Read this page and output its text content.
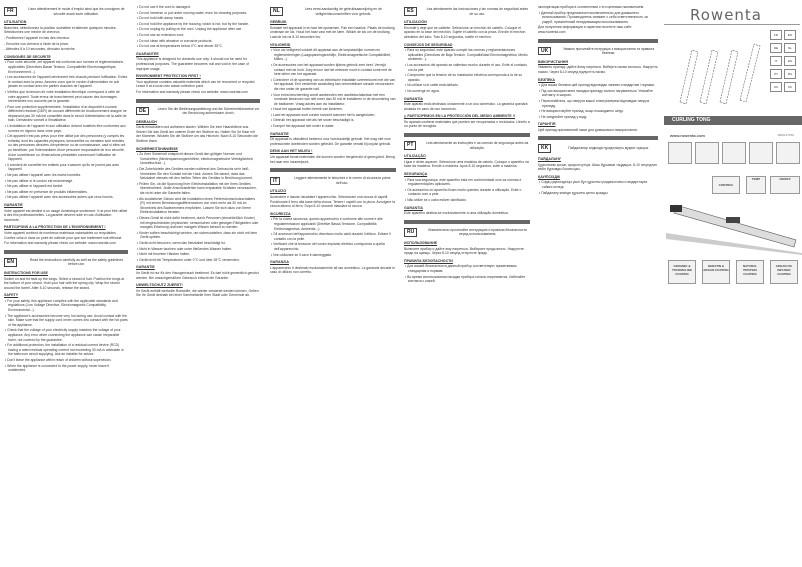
FR	Lisez attentivement le mode d'emploi ainsi que les consignes de sécurité avant toute utilisation.
UTILISATION
Branchez, sélectionnez la position souhaitée et attendre quelques minutes. Sélectionnez une mèche de cheveux.
- Positionnez l'appareil en bas des cheveux.
- Enroulez vos cheveux à l'aide de la pince.
- Attendez 8 à 10 secondes, déroulez la mèche.
CONSIGNES DE SECURITE
• Pour votre sécurité, cet appareil est conforme aux normes et réglementations applicables (Directives Basse Tension, Compatibilité Electromagnétique, Environnement...).
• Les accessoires de l'appareil deviennent très chauds pendant l'utilisation. Evitez le contact avec la peau. Assurez-vous que le cordon d'alimentation ne soit jamais en contact avec les parties chaudes de l'appareil.
• Vérifiez que la tension de votre installation électrique correspond à celle de votre appareil. Toute erreur de branchement peut causer des dommages irréversibles non couverts par la garantie.
• Pour une protection supplémentaire, l'installation d'un dispositif à courant différentiel résiduel (DDR) de courant différentiel de fonctionnement assigné ne dépassant pas 30 mA est conseillée dans le circuit d'alimentation de la salle de bain. Demandez conseil à l'installateur.
• L'installation de l'appareil et son utilisation doivent toutefois être conformes aux normes en vigueur dans votre pays.
• Cet appareil n'est pas prévu pour être utilisé par des personnes (y compris les enfants) dont les capacités physiques, sensorielles ou mentales sont réduites, ou des personnes dénuées d'expérience ou de connaissance, sauf si elles ont pu bénéficier, par l'intermédiaire d'une personne responsable de leur sécurité, d'une surveillance ou d'instructions préalables concernant l'utilisation de l'appareil.
• Il convient de surveiller les enfants pour s'assurer qu'ils ne jouent pas avec l'appareil.
• Ne pas utiliser l'appareil avec les mains humides.
• Ne pas utiliser si le cordon est endommagé.
• Ne pas utiliser si l'appareil est tombé.
• Ne pas utiliser en présence de produits inflammables.
• Ne pas utiliser l'appareil avec des accessoires autres que ceux fournis.
GARANTIE
Votre appareil est destiné à un usage domestique seulement. Il ne peut être utilisé à des fins professionnelles. La garantie devient nulle en cas d'utilisation incorrecte.
PARTICIPONS A LA PROTECTION DE L'ENVIRONNEMENT !
Votre appareil contient de nombreux matériaux valorisables ou recyclables. Confiez celui-ci dans un point de collecte pour que son traitement soit effectué.
For information and warranty please check our website: www.rowenta.com
EN	Read the instructions carefully as well as the safety guidelines before use.
INSTRUCTIONS FOR USE
Switch on and let heat up the tongs. Select a strand of hair. Position the tongs at the bottom of your strand. Hold your hair with the spring clip. Wrap the strand around the barrel. After 8-10 seconds, release the strand.
SAFETY
• For your safety, this appliance complies with the applicable standards and regulations (Low Voltage Directive, Electromagnetic Compatibility, Environmental...).
• The appliance's accessories become very hot during use. Avoid contact with the skin. Make sure that the supply cord never comes into contact with the hot parts of the appliance.
• Check that the voltage of your electricity supply matches the voltage of your appliance. Any error when connecting the appliance can cause irreparable harm, not covered by the guarantee.
• For additional protection, the installation of a residual current device (RCD) having a rated residual operating current not exceeding 30 mA is advisable in the bathroom circuit supplying. Ask an installer for advice.
• Don't leave the appliance within reach of children without supervision.
• When the appliance is connected to the power supply, never leave it unattended.
• Do not use if the cord is damaged.
• Do not immerse or put under running water, even for cleaning purposes.
• Do not hold with damp hands.
• Do not hold the appliance by the housing, which is hot, but by the handle.
• Do not unplug by pulling on the cord. Unplug the appliance after use.
• Do not use an extension cord.
• Do not clean with abrasive or corrosive products.
• Do not use at temperatures below 0°C and above 35°C.
GUARANTEE
This appliance is designed for domestic use only. It should not be used for professional purposes. The guarantee becomes null and void in the case of improper usage.
ENVIRONMENT PROTECTION FIRST !
Your appliance contains valuable materials which can be recovered or recycled. Leave it at a local civic waste collection point.
For information and warranty please check our website: www.rowenta.com
DE	Lesen Sie die Bedienungsanleitung und die Sicherheitshinweise vor der Benutzung aufmerksam durch.
GEBRAUCH
Gerät einschalten und aufheizen lassen. Wählen Sie eine Haarsträhne aus. Setzen Sie das Gerät am unteren Ende der Strähne an. Halten Sie Ihr Haar mit der Klammer. Wickeln Sie die Strähne um das Heizrohr. Nach 8-10 Sekunden die Strähne lösen.
SICHERHEITSHINWEISE
• Zu Ihrer Sicherheit entspricht dieses Gerät den gültigen Normen und Vorschriften (Niederspannungsrichtlinie, elektromagnetische Verträglichkeit, Umweltschutz...).
• Die Zubehörteile des Gerätes werden während des Gebrauchs sehr heiß. Vermeiden Sie den Kontakt mit der Haut. Achten Sie darauf, dass das Netzkabel niemals mit den heißen Teilen des Gerätes in Berührung kommt.
• Prüfen Sie, ob die Spannung Ihrer Elektroinstallation mit der Ihres Gerätes übereinstimmt. Jeder Anschlussfehler kann irreparable Schäden verursachen, die nicht unter die Garantie fallen.
• Als zusätzlicher Schutz wird die Installation eines Fehlerstromschutzschalters (FI) mit einem Bemessungsdifferenzstrom von nicht mehr als 30 mA im Stromkreis des Badezimmers empfohlen. Lassen Sie sich dazu von Ihrem Elektroinstallateur beraten.
• Dieses Gerät ist nicht dafür bestimmt, durch Personen (einschließlich Kinder) mit eingeschränkten physischen, sensorischen oder geistigen Fähigkeiten oder mangels Erfahrung und/oder mangels Wissen benutzt zu werden.
• Kinder sollten beaufsichtigt werden, um sicherzustellen, dass sie nicht mit dem Gerät spielen.
• Gerät nicht benutzen, wenn das Netzkabel beschädigt ist.
• Nicht in Wasser tauchen oder unter fließendes Wasser halten.
• Nicht mit feuchten Händen halten.
• Gerät nicht bei Temperaturen unter 0°C und über 35°C verwenden.
GARANTIE
Ihr Gerät ist nur für den Hausgebrauch bestimmt. Es darf nicht gewerblich genutzt werden. Bei unsachgemäßem Gebrauch erlischt die Garantie.
UMWELTSCHUTZ ZUERST!
Ihr Gerät enthält wertvolle Rohstoffe, die wieder verwertet werden können. Geben Sie Ihr Gerät deshalb bei einer Sammelstelle Ihrer Stadt oder Gemeinde ab.
NL	Lees eerst aandachtig de gebruiksaanwijzing en de veiligheidsvoorschriften voor gebruik.
GEBRUIK
Schakel het apparaat in en laat het opwarmen. Pak een haarlok. Plaats de krultang onderaan de lok. Houd het haar vast met de klem. Wikkel de lok om de krultang. Laat de lok na 8-10 seconden los.
VEILIGHEID
• Voor uw veiligheid voldoet dit apparaat aan de toepasselijke normen en reglementeringen (Laagspanningsrichtlijn, Elektromagnetische Compatibiliteit, Milieu...).
• De accessoires van het apparaat worden tijdens gebruik zeer heet. Vermijd contact met de huid. Zorg ervoor dat het netsnoer nooit in contact komt met de hete delen van het apparaat.
• Controleer of de spanning van uw elektrische installatie overeenkomt met die van het apparaat. Een verkeerde aansluiting kan onherstelbare schade veroorzaken die niet onder de garantie valt.
• Voor extra bescherming wordt aanbevolen een aardlekschakelaar met een nominale lekstroom van niet meer dan 30 mA te installeren in de stroomkring van de badkamer. Vraag advies aan uw installateur.
• Houd het apparaat buiten bereik van kinderen.
• Laat het apparaat nooit zonder toezicht wanneer het is aangesloten.
• Gebruik het apparaat niet als het snoer beschadigd is.
• Dompel het apparaat niet onder in water.
GARANTIE
Dit apparaat is uitsluitend bestemd voor huishoudelijk gebruik. Het mag niet voor professionele doeleinden worden gebruikt. De garantie vervalt bij onjuist gebruik.
DENK AAN HET MILIEU !
Uw apparaat bevat materialen die kunnen worden hergebruikt of gerecycled. Breng het naar een inzamelpunt.
IT	Leggere attentamente le istruzioni e le norme di sicurezza prima dell'uso.
UTILIZZO
Accendere e lasciar riscaldare l'apparecchio. Selezionare una ciocca di capelli. Posizionare il ferro alla base della ciocca. Tenere i capelli con la pinza. Avvolgere la ciocca attorno al ferro. Dopo 8-10 secondi rilasciare la ciocca.
SICUREZZA
• Per la vostra sicurezza, questo apparecchio è conforme alle norme e alle regolamentazioni applicabili (Direttive Bassa Tensione, Compatibilità Elettromagnetica, Ambiente...).
• Gli accessori dell'apparecchio diventano molto caldi durante l'utilizzo. Evitare il contatto con la pelle.
• Verificare che la tensione del vostro impianto elettrico corrisponda a quella dell'apparecchio.
• Non utilizzare se il cavo è danneggiato.
GARANZIA
L'apparecchio è destinato esclusivamente all'uso domestico. La garanzia decade in caso di utilizzo non corretto.
ES	Lea atentamente las instrucciones y las normas de seguridad antes de su uso.
UTILIZACIÓN
Enchufe y deje que se caliente. Seleccione un mechón de cabello. Coloque el aparato en la base del mechón. Sujete el cabello con la pinza. Enrolle el mechón alrededor del tubo. Tras 8-10 segundos, suelte el mechón.
CONSEJOS DE SEGURIDAD
• Para su seguridad, este aparato cumple las normas y reglamentaciones aplicables (Directivas de Baja Tensión, Compatibilidad Electromagnética, Medio ambiente...).
• Los accesorios del aparato se calientan mucho durante el uso. Evite el contacto con la piel.
• Compruebe que la tensión de su instalación eléctrica corresponda a la de su aparato.
• No utilizar si el cable está dañado.
• No sumergir en agua.
GARANTÍA
Este aparato está destinado únicamente a un uso doméstico. La garantía quedará anulada en caso de uso incorrecto.
¡¡ PARTICIPEMOS EN LA PROTECCIÓN DEL MEDIO AMBIENTE !!
Su aparato contiene materiales que pueden ser recuperados o reciclados. Llévelo a un punto de recogida.
PT	Leia atentamente as instruções e as normas de segurança antes da utilização.
UTILIZAÇÃO
Ligue e deixe aquecer. Seleccione uma madeixa de cabelo. Coloque o aparelho na base da madeixa. Enrole a madeixa. Após 8-10 segundos, solte a madeixa.
SEGURANÇA
• Para sua segurança, este aparelho está em conformidade com as normas e regulamentações aplicáveis.
• Os acessórios do aparelho ficam muito quentes durante a utilização. Evite o contacto com a pele.
• Não utilize se o cabo estiver danificado.
GARANTIA
Este aparelho destina-se exclusivamente a uma utilização doméstica.
RU	Внимательно прочитайте инструкцию и правила безопасности перед использованием.
ИСПОЛЬЗОВАНИЕ
Включите прибор и дайте ему нагреться. Выберите прядь волос. Накрутите прядь на щипцы. Через 8-10 секунд отпустите прядь.
ПРАВИЛА БЕЗОПАСНОСТИ
• Для вашей безопасности данный прибор соответствует применимым стандартам и нормам.
• Во время использования насадки прибора сильно нагреваются. Избегайте контакта с кожей.
эксплуатации прибора в соответствии с его целевым назначением.
• Данный прибор предназначен исключительно для домашнего использования. Производитель снимает с себя ответственность за ущерб, причинённый ненадлежащим использованием.
Для получения информации и гарантии посетите наш сайт: www.rowenta.com
UK	Уважно прочитайте інструкцію з використання та правила безпеки.
ВИКОРИСТАННЯ
Увімкніть прилад і дайте йому нагрітися. Виберіть пасмо волосся. Накрутіть пасмо. Через 8-10 секунд відпустіть пасмо.
БЕЗПЕКА
• Для вашої безпеки цей прилад відповідає чинним стандартам і нормам.
• Під час використання насадки приладу сильно нагріваються. Уникайте контакту зі шкірою.
• Переконайтеся, що напруга вашої електромережі відповідає напрузі приладу.
• Не використовуйте прилад, якщо пошкоджено шнур.
• Не занурюйте прилад у воду.
ГАРАНТІЯ
Цей прилад призначений лише для домашнього використання.
KK	Пайдаланар алдында нұсқаулықты мұқият оқыңыз.
ПАЙДАЛАНУ
Құрылғыны қосып, қызуын күтіңіз. Шаш бұрымын таңдаңыз. 8-10 секундтан кейін бұрымды босатыңыз.
ҚАУІПСІЗДІК
• Сіздің қауіпсіздігіңіз үшін бұл құрылғы қолданыстағы стандарттарға сәйкес келеді.
• Пайдалану кезінде құрылғы қатты қызады.
Rowenta
FR	EN
DE	NL
IT	ES
PT	RU
UK	KK
CURLING TONG
www.rowenta.com	1800137150
CONTROL
TEMP	ON/OFF
CERAMIC & TOURMALINE COATING
KERATIN & ARGAN COATING
NATURAL PROTEIN COATING
ARGAN OIL INFUSED COATING
